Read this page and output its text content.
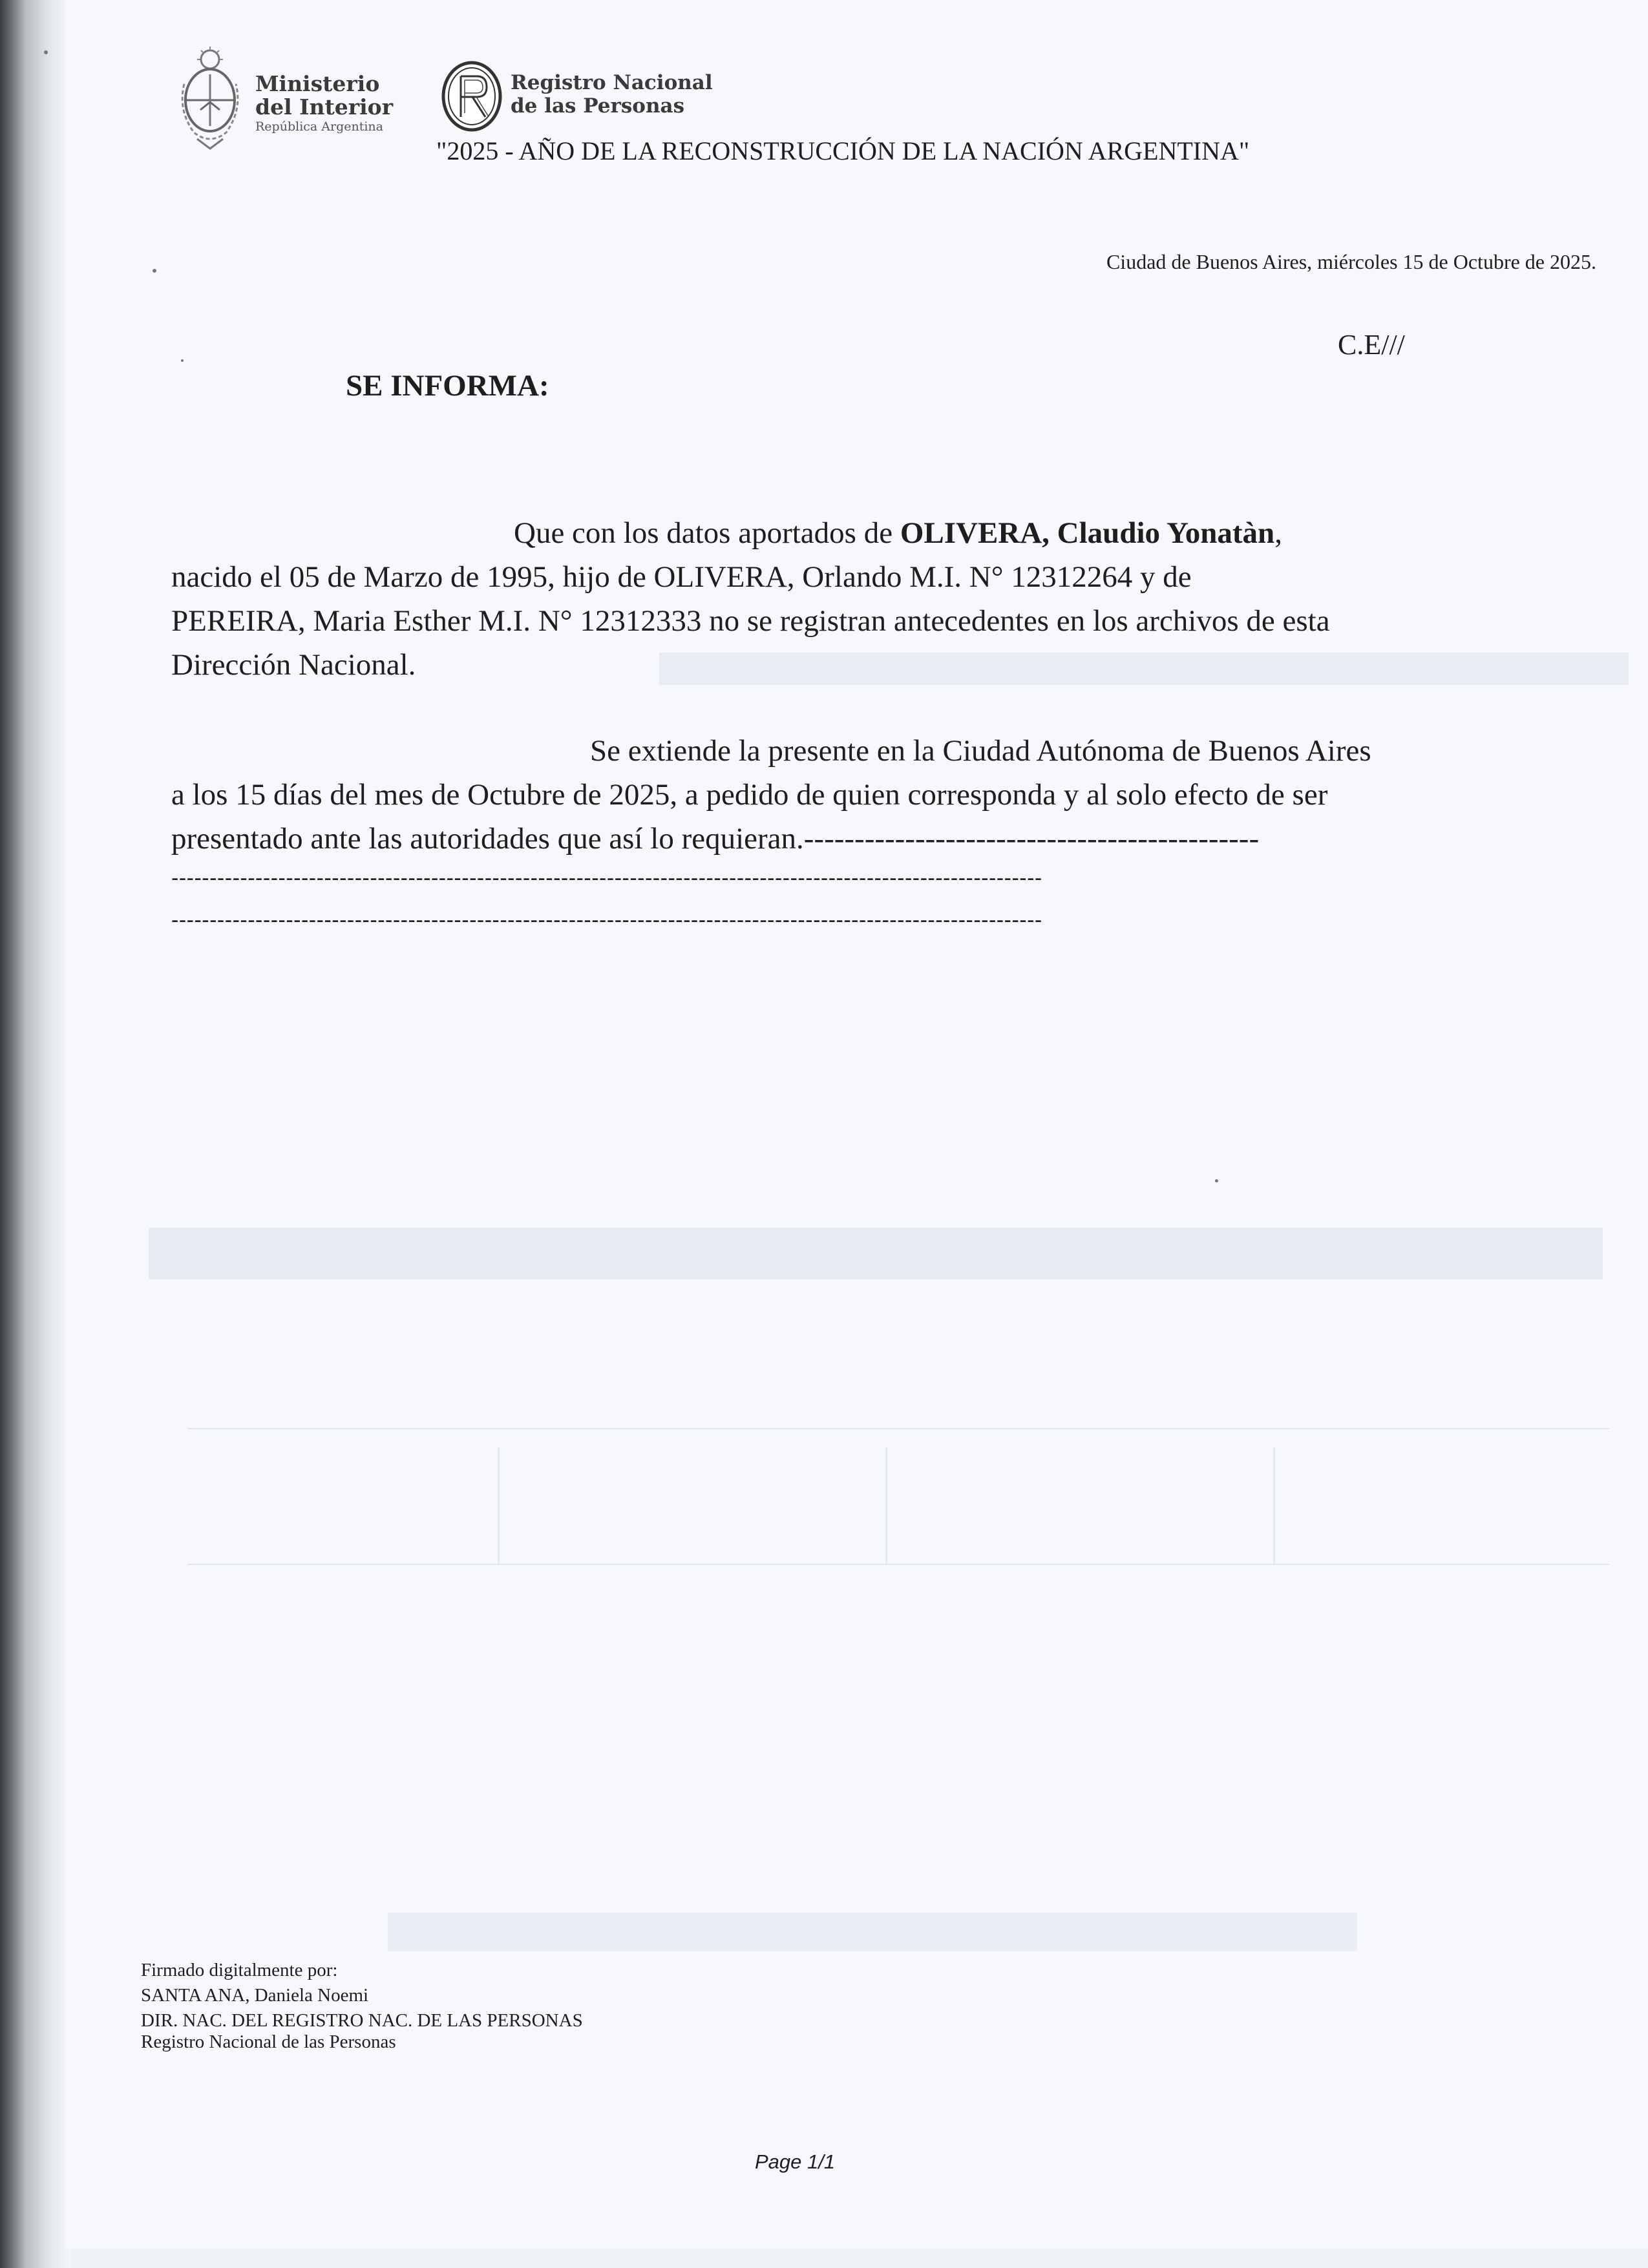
Ministerio
del Interior
República Argentina
Registro Nacional
de las Personas
"2025 - AÑO DE LA RECONSTRUCCIÓN DE LA NACIÓN ARGENTINA"
Ciudad de Buenos Aires, miércoles 15 de Octubre de 2025.
C.E///
SE INFORMA:
Que con los datos aportados de OLIVERA, Claudio Yonatàn,
nacido el 05 de Marzo de 1995, hijo de OLIVERA, Orlando M.I. N° 12312264 y de
PEREIRA, Maria Esther M.I. N° 12312333 no se registran antecedentes en los archivos de esta
Dirección Nacional.
Se extiende la presente en la Ciudad Autónoma de Buenos Aires
a los 15 días del mes de Octubre de 2025, a pedido de quien corresponda y al solo efecto de ser
presentado ante las autoridades que así lo requieran.---------------------------------------------
------------------------------------------------------------------------------------------------------------------
------------------------------------------------------------------------------------------------------------------
Firmado digitalmente por:
SANTA ANA, Daniela Noemi
DIR. NAC. DEL REGISTRO NAC. DE LAS PERSONAS
Registro Nacional de las Personas
Page 1/1
